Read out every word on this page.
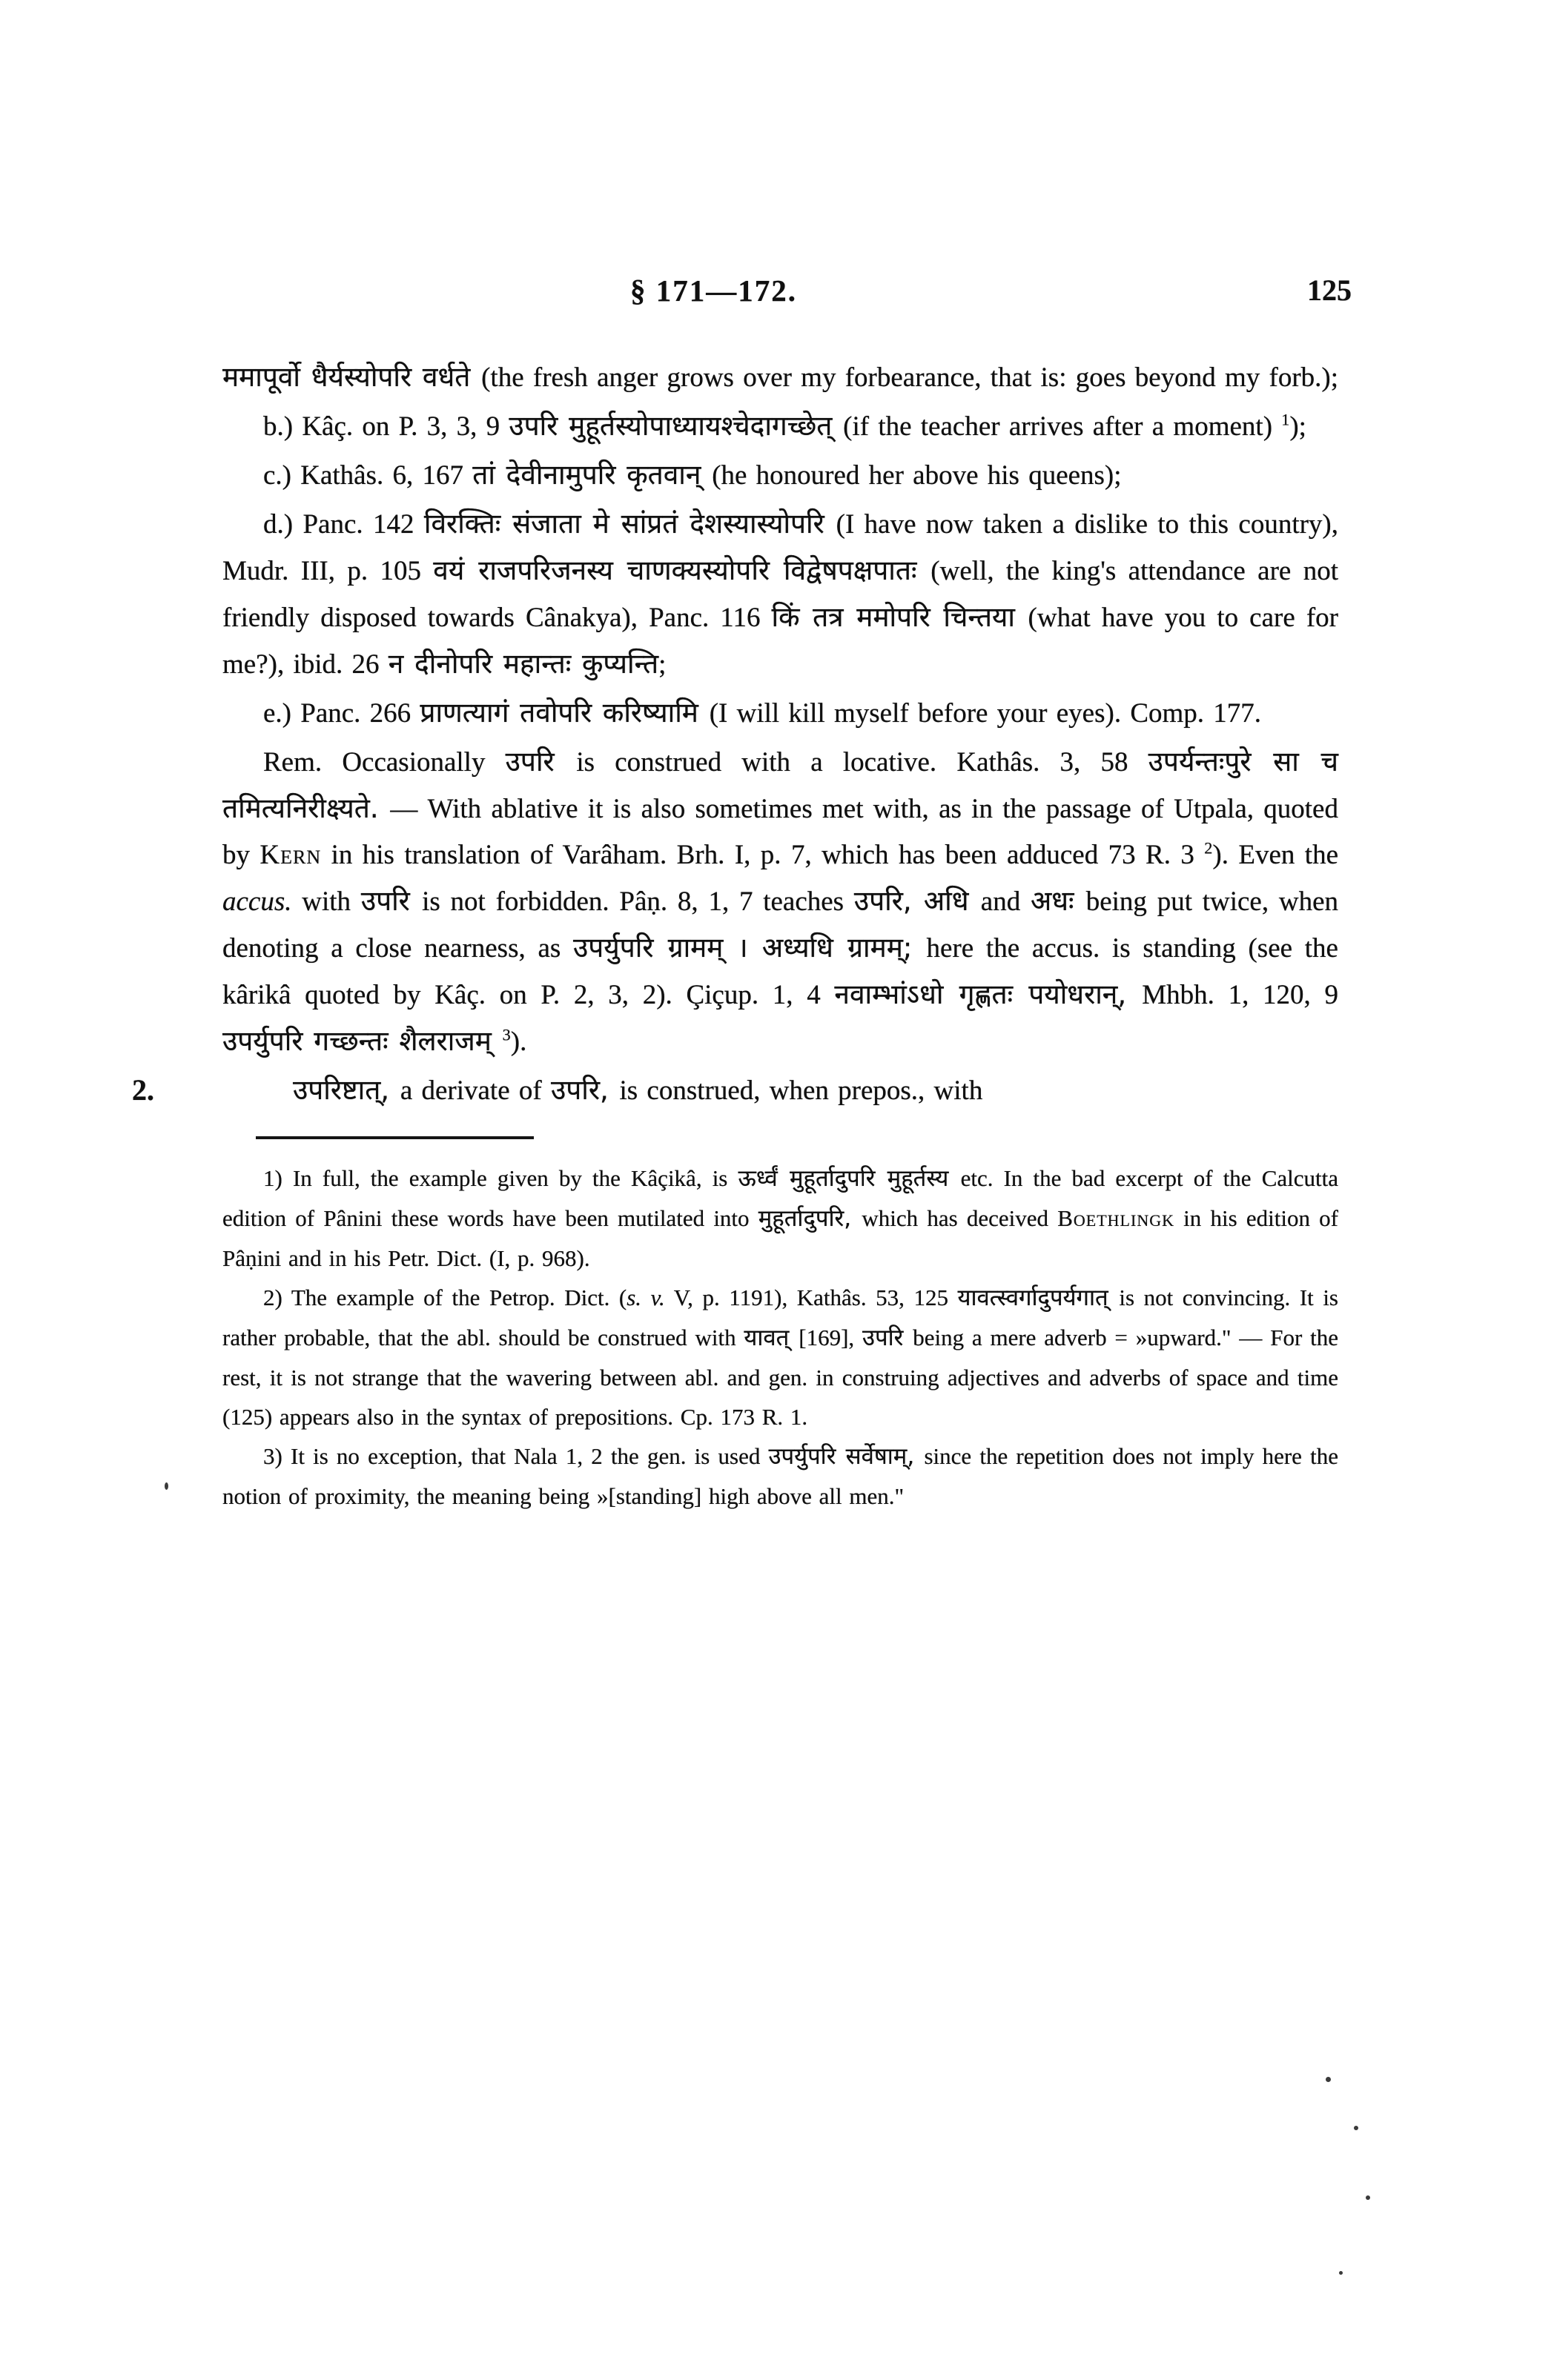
§ 171—172.	125

ममापूर्वो धैर्यस्योपरि वर्धते (the fresh anger grows over my forbearance, that is: goes beyond my forb.);

b.) Kâç. on P. 3, 3, 9 उपरि मुहूर्तस्योपाध्यायश्चेदागच्छेत् (if the teacher arrives after a moment) $^1$);

c.) Kathâs. 6, 167 तां देवीनामुपरि कृतवान् (he honoured her above his queens);

d.) Panc. 142 विरक्तिः संजाता मे सांप्रतं देशस्यास्योपरि (I have now taken a dislike to this country), Mudr. III, p. 105 वयं राजपरिजनस्य चाणक्यस्योपरि विद्वेषपक्षपातः (well, the king's attendance are not friendly disposed towards Cânakya), Panc. 116 किं तत्र ममोपरि चिन्तया (what have you to care for me?), ibid. 26 न दीनोपरि महान्तः कुप्यन्ति;

e.) Panc. 266 प्राणत्यागं तवोपरि करिष्यामि (I will kill myself before your eyes). Comp. 177.

Rem. Occasionally उपरि is construed with a locative. Kathâs. 3, 58 उपर्यन्तःपुरे सा च तमित्यनिरीक्ष्यते. — With ablative it is also sometimes met with, as in the passage of Utpala, quoted by Kern in his translation of Varâham. Brh. I, p. 7, which has been adduced 73 R. 3 $^2$). Even the accus. with उपरि is not forbidden. Pâṇ. 8, 1, 7 teaches उपरि, अधि and अधः being put twice, when denoting a close nearness, as उपर्युपरि ग्रामम् । अध्यधि ग्रामम्; here the accus. is standing (see the kârikâ quoted by Kâç. on P. 2, 3, 2). Çiçup. 1, 4 नवाम्भांऽधो गृह्णतः पयोधरान्, Mhbh. 1, 120, 9 उपर्युपरि गच्छन्तः शैलराजम् $^3$).

2.	उपरिष्टात्, a derivate of उपरि, is construed, when prepos., with

1) In full, the example given by the Kâçikâ, is ऊर्ध्वं मुहूर्तादुपरि मुहूर्तस्य etc. In the bad excerpt of the Calcutta edition of Pânini these words have been mutilated into मुहूर्तादुपरि, which has deceived Boethlingk in his edition of Pâṇini and in his Petr. Dict. (I, p. 968).

2) The example of the Petrop. Dict. (s. v. V, p. 1191), Kathâs. 53, 125 यावत्स्वर्गादुपर्यगात् is not convincing. It is rather probable, that the abl. should be construed with यावत् [169], उपरि being a mere adverb = »upward." — For the rest, it is not strange that the wavering between abl. and gen. in construing adjectives and adverbs of space and time (125) appears also in the syntax of prepositions. Cp. 173 R. 1.

3) It is no exception, that Nala 1, 2 the gen. is used उपर्युपरि सर्वेषाम्, since the repetition does not imply here the notion of proximity, the meaning being »[standing] high above all men."
